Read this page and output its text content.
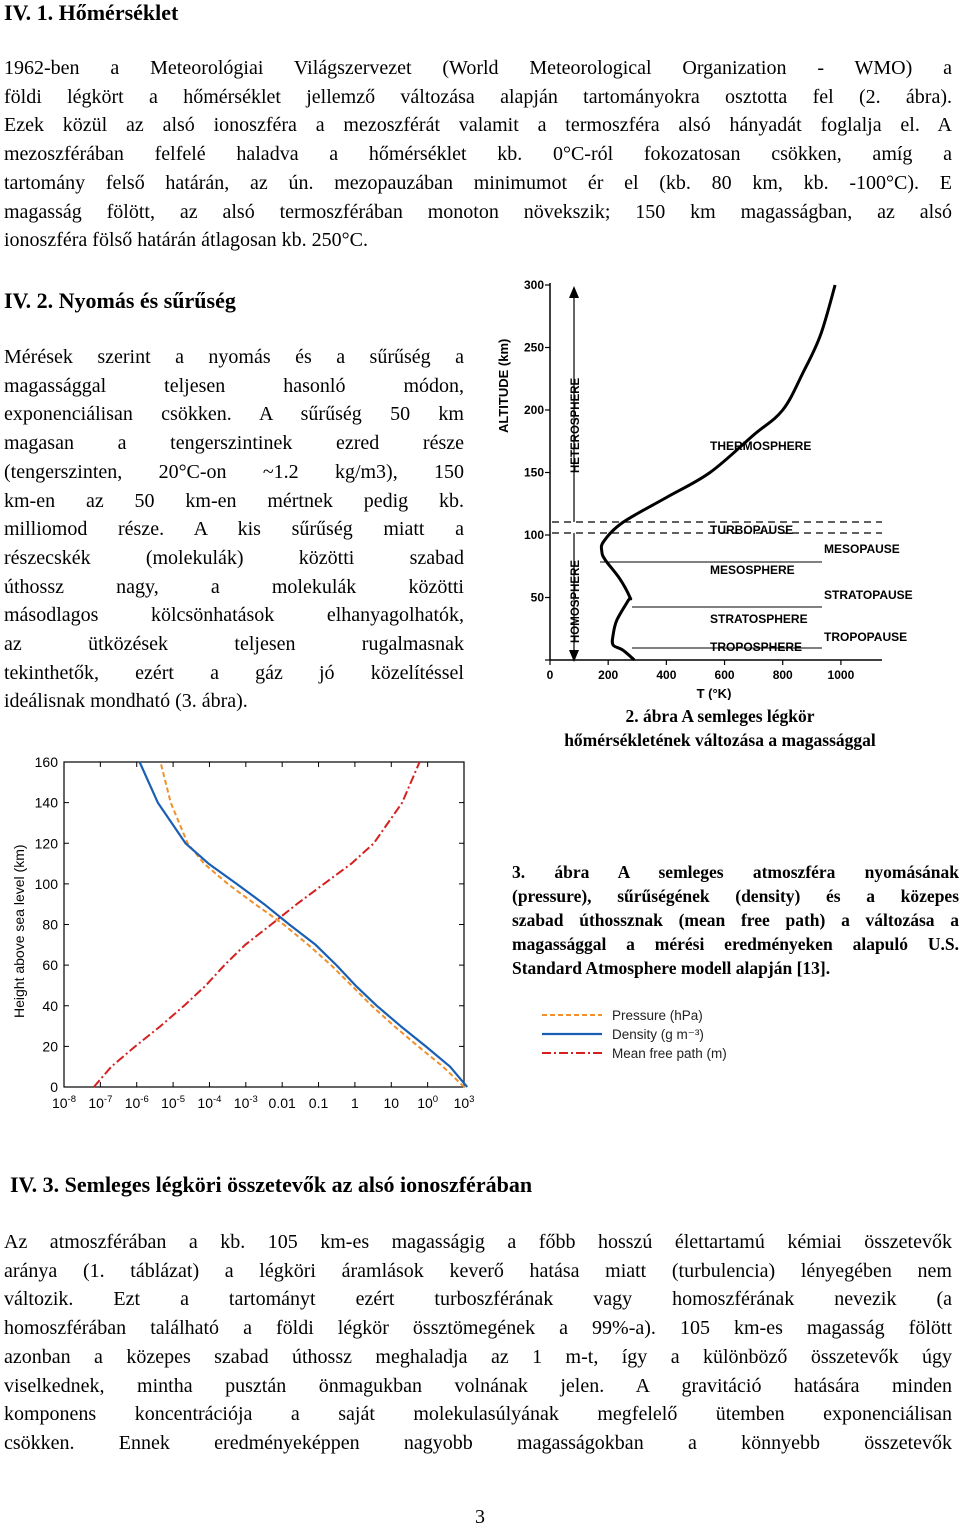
IV. 1. Hőmérséklet
1962-ben a Meteorológiai Világszervezet (World Meteorological Organization - WMO) a
földi légkört a hőmérséklet jellemző változása alapján tartományokra osztotta fel (2. ábra).
Ezek közül az alsó ionoszféra a mezoszférát valamit a termoszféra alsó hányadát foglalja el. A
mezoszférában felfelé haladva a hőmérséklet kb. 0°C-ról fokozatosan csökken, amíg a
tartomány felső határán, az ún. mezopauzában minimumot ér el (kb. 80 km, kb. -100°C). E
magasság fölött, az alsó termoszférában monoton növekszik; 150 km magasságban, az alsó
ionoszféra fölső határán átlagosan kb. 250°C.
IV. 2. Nyomás és sűrűség
Mérések szerint a nyomás és a sűrűség a
magassággal teljesen hasonló módon,
exponenciálisan csökken. A sűrűség 50 km
magasan a tengerszintinek ezred része
(tengerszinten, 20°C-on ~1.2 kg/m3), 150
km-en az 50 km-en mértnek pedig kb.
milliomod része. A kis sűrűség miatt a
részecskék (molekulák) közötti szabad
úthossz nagy, a molekulák közötti
másodlagos kölcsönhatások elhanyagolhatók,
az ütközések teljesen rugalmasnak
tekinthetők, ezért a gáz jó közelítéssel
ideálisnak mondható (3. ábra).
50
100
150
200
250
300
0	200	400	600	800	1000
ALTITUDE (km)
T (°K)
HETEROSPHERE
HOMOSPHERE
THERMOSPHERE
TURBOPAUSE
MESOPAUSE
MESOSPHERE
STRATOPAUSE
STRATOSPHERE
TROPOPAUSE
TROPOSPHERE
2. ábra A semleges légkör
hőmérsékletének változása a magassággal
0
20
40
60
80
100
120
140
160
$10^{-8}$ $10^{-7}$ $10^{-6}$ $10^{-5}$ $10^{-4}$ $10^{-3}$ 0.01 0.1 1 10 $10^0$ $10^3$
Height above sea level (km)	Pressure (hPa)
Density (g m⁻³)
Mean free path (m)
3. ábra A semleges atmoszféra nyomásának
(pressure), sűrűségének (density) és a közepes
szabad úthossznak (mean free path) a változása a
magassággal a mérési eredményeken alapuló U.S.
Standard Atmosphere modell alapján [13].
IV. 3. Semleges légköri összetevők az alsó ionoszférában
Az atmoszférában a kb. 105 km-es magasságig a főbb hosszú élettartamú kémiai összetevők
aránya (1. táblázat) a légköri áramlások keverő hatása miatt (turbulencia) lényegében nem
változik. Ezt a tartományt ezért turboszférának vagy homoszférának nevezik (a
homoszférában található a földi légkör össztömegének a 99%-a). 105 km-es magasság fölött
azonban a közepes szabad úthossz meghaladja az 1 m-t, így a különböző összetevők úgy
viselkednek, mintha pusztán önmagukban volnának jelen. A gravitáció hatására minden
komponens koncentrációja a saját molekulasúlyának megfelelő ütemben exponenciálisan
csökken. Ennek eredményeképpen nagyobb magasságokban a könnyebb összetevők
3
